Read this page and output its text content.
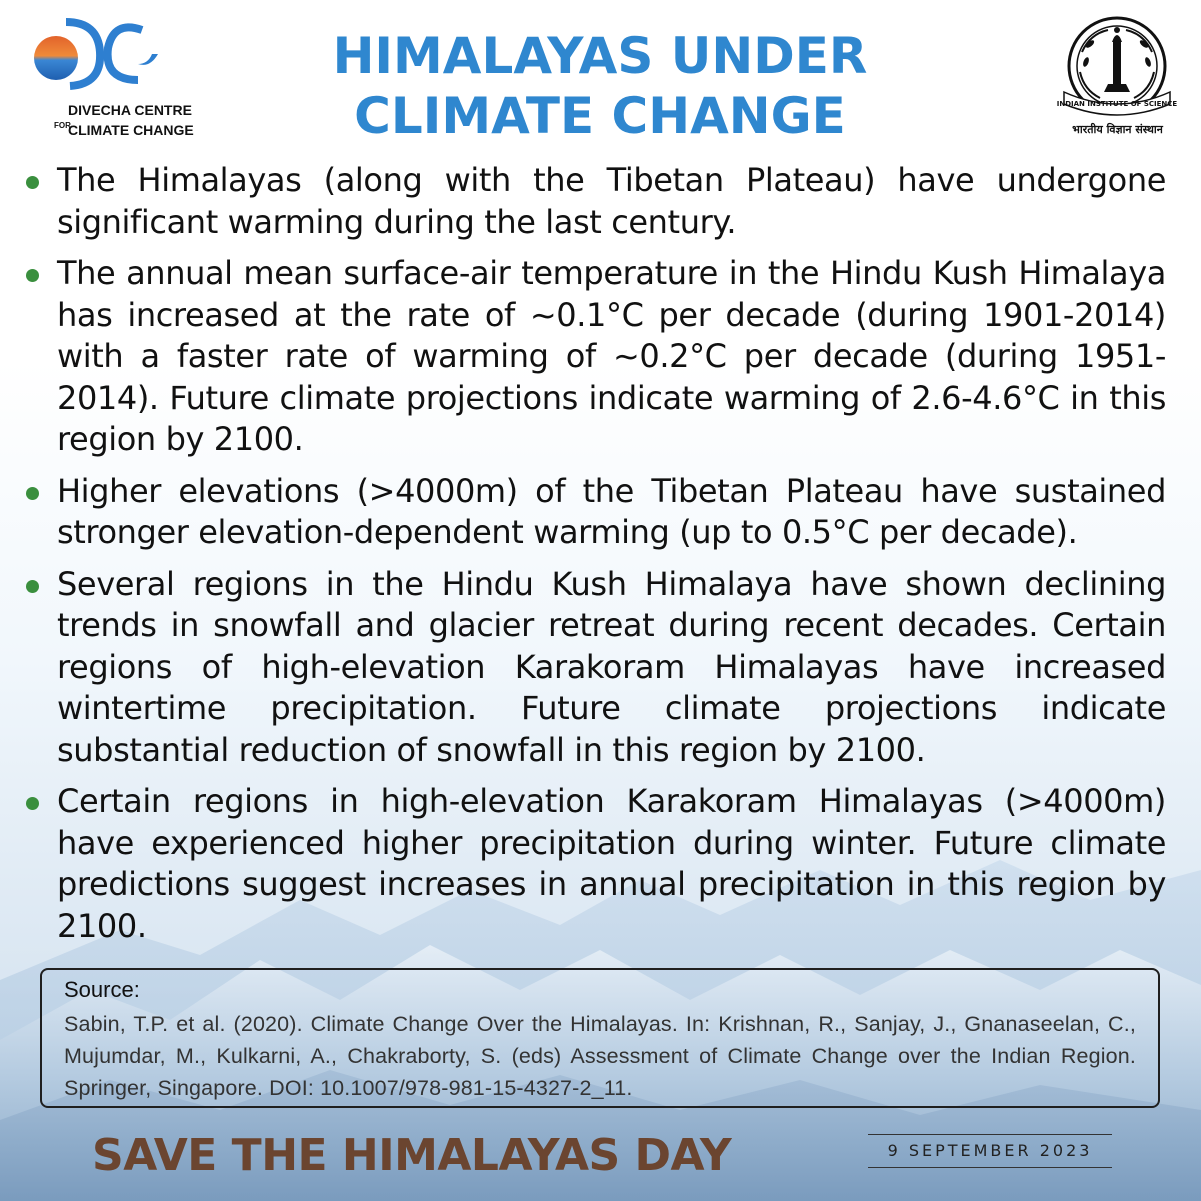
DIVECHA CENTRE
FOR
CLIMATE CHANGE
HIMALAYAS UNDER
CLIMATE CHANGE	INDIAN INSTITUTE OF SCIENCE
भारतीय विज्ञान संस्थान
The Himalayas (along with the Tibetan Plateau) have undergone significant warming during the last century.
The annual mean surface-air temperature in the Hindu Kush Himalaya has increased at the rate of ~0.1°C per decade (during 1901-2014) with a faster rate of warming of ~0.2°C per decade (during 1951-2014). Future climate projections indicate warming of 2.6-4.6°C in this region by 2100.
Higher elevations (>4000m) of the Tibetan Plateau have sustained stronger elevation-dependent warming (up to 0.5°C per decade).
Several regions in the Hindu Kush Himalaya have shown declining trends in snowfall and glacier retreat during recent decades. Certain regions of high-elevation Karakoram Himalayas have increased wintertime precipitation. Future climate projections indicate substantial reduction of snowfall in this region by 2100.
Certain regions in high-elevation Karakoram Himalayas (>4000m) have experienced higher precipitation during winter. Future climate predictions suggest increases in annual precipitation in this region by 2100.

Source:

Sabin, T.P. et al. (2020). Climate Change Over the Himalayas. In: Krishnan, R., Sanjay, J., Gnanaseelan, C., Mujumdar, M., Kulkarni, A., Chakraborty, S. (eds) Assessment of Climate Change over the Indian Region. Springer, Singapore. DOI: 10.1007/978-981-15-4327-2_11.

SAVE THE HIMALAYAS DAY	9 SEPTEMBER 2023
